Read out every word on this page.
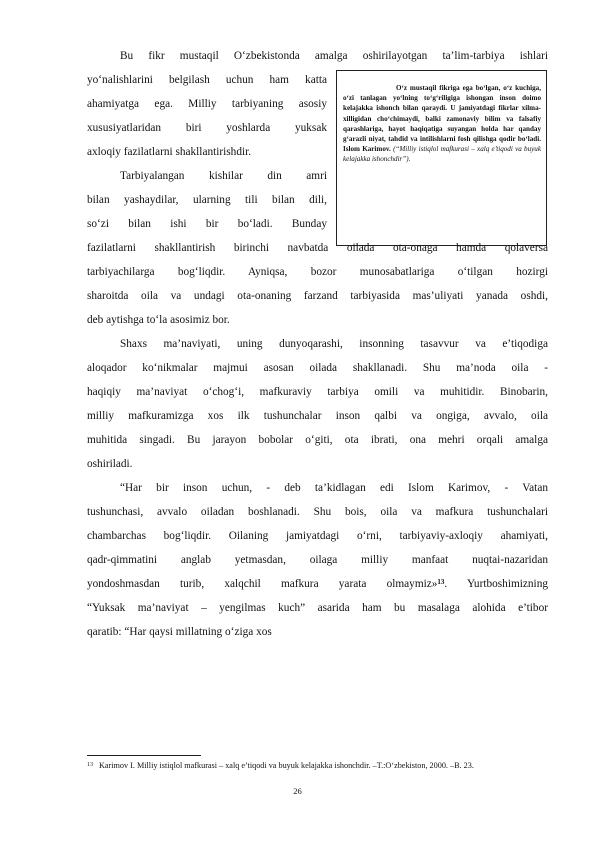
Bu fikr mustaqil O‘zbekistonda amalga oshirilayotgan ta’lim-tarbiya ishlari
yo‘nalishlarini belgilash uchun ham katta
ahamiyatga ega. Milliy tarbiyaning asosiy
xususiyatlaridan biri yoshlarda yuksak
axloqiy fazilatlarni shakllantirishdir.
Tarbiyalangan kishilar din amri
bilan yashaydilar, ularning tili bilan dili,
so‘zi bilan ishi bir bo‘ladi. Bunday

O‘z mustaqil fikriga ega bo‘lgan, o‘z kuchiga, o‘zi tanlagan yo‘lning to‘g‘riligiga ishongan inson doimo kelajakka ishonch bilan qaraydi. U jamiyatdagi fikrlar xilma-xilligidan cho‘chimaydi, balki zamonaviy bilim va falsafiy qarashlariga, hayot haqiqatiga suyangan holda har qanday g‘arazli niyat, tahdid va intilishlarni fosh qilishga qodir bo‘ladi. Islom Karimov. (“Milliy istiqlol mafkurasi – xalq e’tiqodi va buyuk kelajakka ishonchdir”).

fazilatlarni shakllantirish birinchi navbatda oilada ota-onaga hamda qolaversa
tarbiyachilarga bog‘liqdir. Ayniqsa, bozor munosabatlariga o‘tilgan hozirgi
sharoitda oila va undagi ota-onaning farzand tarbiyasida mas’uliyati yanada oshdi,
deb aytishga to‘la asosimiz bor.
Shaxs ma’naviyati, uning dunyoqarashi, insonning tasavvur va e’tiqodiga
aloqador ko‘nikmalar majmui asosan oilada shakllanadi. Shu ma’noda oila -
haqiqiy ma’naviyat o‘chog‘i, mafkuraviy tarbiya omili va muhitidir. Binobarin,
milliy mafkuramizga xos ilk tushunchalar inson qalbi va ongiga, avvalo, oila
muhitida singadi. Bu jarayon bobolar o‘giti, ota ibrati, ona mehri orqali amalga
oshiriladi.
“Har bir inson uchun, - deb ta’kidlagan edi Islom Karimov, - Vatan
tushunchasi, avvalo oiladan boshlanadi. Shu bois, oila va mafkura tushunchalari
chambarchas bog‘liqdir. Oilaning jamiyatdagi o‘rni, tarbiyaviy-axloqiy ahamiyati,
qadr-qimmatini anglab yetmasdan, oilaga milliy manfaat nuqtai-nazaridan
yondoshmasdan turib, xalqchil mafkura yarata olmaymiz»$^{13}$. Yurtboshimizning
“Yuksak ma’naviyat – yengilmas kuch” asarida ham bu masalaga alohida e’tibor
qaratib: “Har qaysi millatning o‘ziga xos
$^{13}$ Karimov I. Milliy istiqlol mafkurasi – xalq e’tiqodi va buyuk kelajakka ishonchdir. –T.:O‘zbekiston, 2000. –B. 23.
26
